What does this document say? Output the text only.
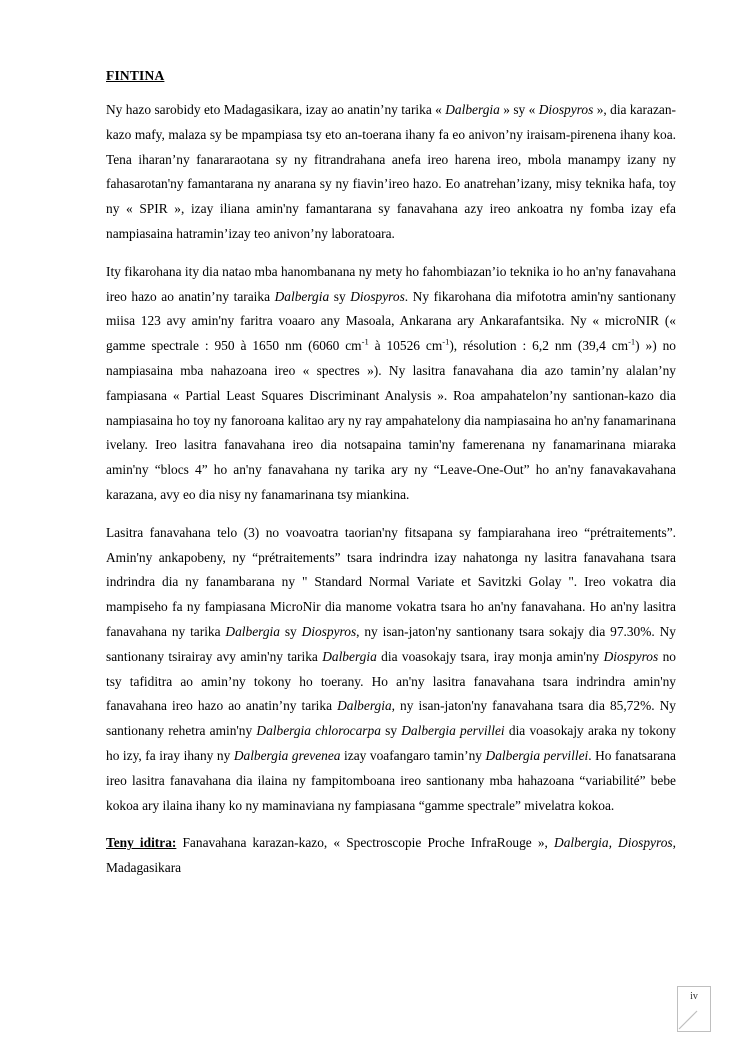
FINTINA

Ny hazo sarobidy eto Madagasikara, izay ao anatin’ny tarika « Dalbergia » sy « Diospyros », dia karazan-kazo mafy, malaza sy be mpampiasa tsy eto an-toerana ihany fa eo anivon’ny iraisam-pirenena ihany koa. Tena iharan’ny fanararaotana sy ny fitrandrahana anefa ireo harena ireo, mbola manampy izany ny fahasarotan'ny famantarana ny anarana sy ny fiavin’ireo hazo. Eo anatrehan’izany, misy teknika hafa, toy ny « SPIR », izay iliana amin'ny famantarana sy fanavahana azy ireo ankoatra ny fomba izay efa nampiasaina hatramin’izay teo anivon’ny laboratoara.

Ity fikarohana ity dia natao mba hanombanana ny mety ho fahombiazan’io teknika io ho an'ny fanavahana ireo hazo ao anatin’ny taraika Dalbergia sy Diospyros. Ny fikarohana dia mifototra amin'ny santionany miisa 123 avy amin'ny faritra voaaro any Masoala, Ankarana ary Ankarafantsika. Ny « microNIR (« gamme spectrale : 950 à 1650 nm (6060 $cm^{-1}$ à 10526 $cm^{-1}$), résolution : 6,2 nm (39,4 $cm^{-1}$) ») no nampiasaina mba nahazoana ireo « spectres »). Ny lasitra fanavahana dia azo tamin’ny alalan’ny fampiasana « Partial Least Squares Discriminant Analysis ». Roa ampahatelon’ny santionan-kazo dia nampiasaina ho toy ny fanoroana kalitao ary ny ray ampahatelony dia nampiasaina ho an'ny fanamarinana ivelany. Ireo lasitra fanavahana ireo dia notsapaina tamin'ny famerenana ny fanamarinana miaraka amin'ny “blocs 4” ho an'ny fanavahana ny tarika ary ny “Leave-One-Out” ho an'ny fanavakavahana karazana, avy eo dia nisy ny fanamarinana tsy miankina.

Lasitra fanavahana telo (3) no voavoatra taorian'ny fitsapana sy fampiarahana ireo “prétraitements”. Amin'ny ankapobeny, ny “prétraitements” tsara indrindra izay nahatonga ny lasitra fanavahana tsara indrindra dia ny fanambarana ny " Standard Normal Variate et Savitzki Golay ". Ireo vokatra dia mampiseho fa ny fampiasana MicroNir dia manome vokatra tsara ho an'ny fanavahana. Ho an'ny lasitra fanavahana ny tarika Dalbergia sy Diospyros, ny isan-jaton'ny santionany tsara sokajy dia 97.30%. Ny santionany tsirairay avy amin'ny tarika Dalbergia dia voasokajy tsara, iray monja amin'ny Diospyros no tsy tafiditra ao amin’ny tokony ho toerany. Ho an'ny lasitra fanavahana tsara indrindra amin'ny fanavahana ireo hazo ao anatin’ny tarika Dalbergia, ny isan-jaton'ny fanavahana tsara dia 85,72%. Ny santionany rehetra amin'ny Dalbergia chlorocarpa sy Dalbergia pervillei dia voasokajy araka ny tokony ho izy, fa iray ihany ny Dalbergia grevenea izay voafangaro tamin’ny Dalbergia pervillei. Ho fanatsarana ireo lasitra fanavahana dia ilaina ny fampitomboana ireo santionany mba hahazoana “variabilité” bebe kokoa ary ilaina ihany ko ny maminaviana ny fampiasana “gamme spectrale” mivelatra kokoa.

Teny iditra: Fanavahana karazan-kazo, « Spectroscopie Proche InfraRouge », Dalbergia, Diospyros, Madagasikara

iv
